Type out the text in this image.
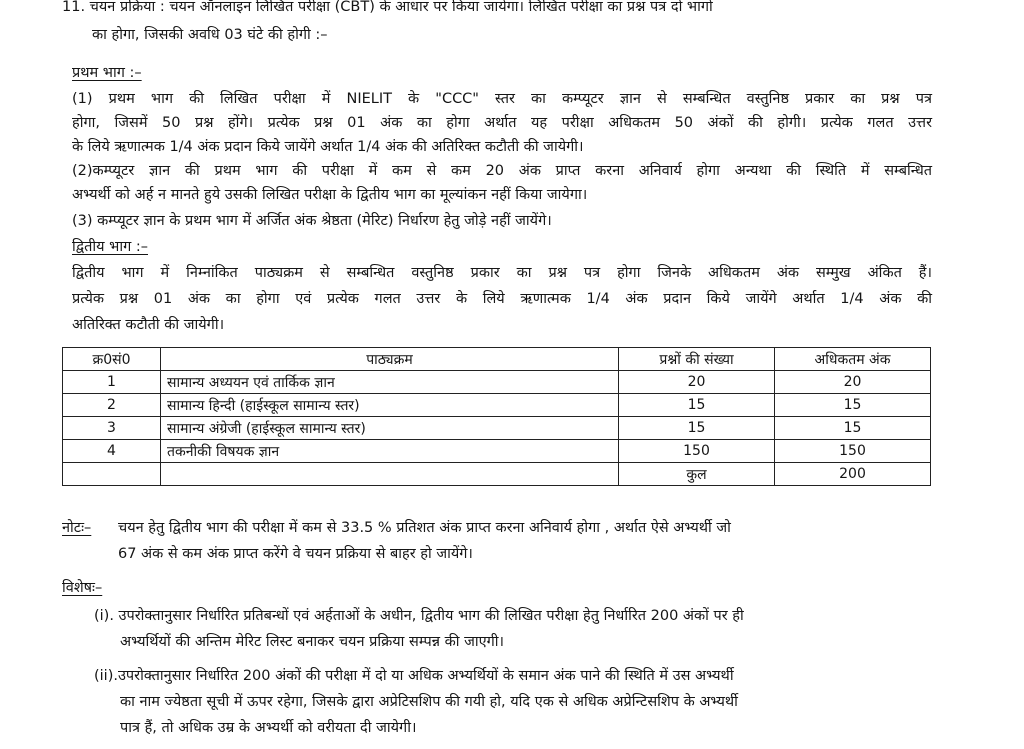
11. चयन प्रक्रिया : चयन ऑनलाइन लिखित परीक्षा (CBT) के आधार पर किया जायेगा। लिखित परीक्षा का प्रश्न पत्र दो भागों
का होगा, जिसकी अवधि 03 घंटे की होगी :–
प्रथम भाग :–
(1) प्रथम भाग की लिखित परीक्षा में NIELIT के "CCC" स्तर का कम्प्यूटर ज्ञान से सम्बन्धित वस्तुनिष्ठ प्रकार का प्रश्न पत्र
होगा, जिसमें 50 प्रश्न होंगे। प्रत्येक प्रश्न 01 अंक का होगा अर्थात यह परीक्षा अधिकतम 50 अंकों की होगी। प्रत्येक गलत उत्तर
के लिये ऋणात्मक 1/4 अंक प्रदान किये जायेंगे अर्थात 1/4 अंक की अतिरिक्त कटौती की जायेगी।
(2)कम्प्यूटर ज्ञान की प्रथम भाग की परीक्षा में कम से कम 20 अंक प्राप्त करना अनिवार्य होगा अन्यथा की स्थिति में सम्बन्धित
अभ्यर्थी को अर्ह न मानते हुये उसकी लिखित परीक्षा के द्वितीय भाग का मूल्यांकन नहीं किया जायेगा।
(3) कम्प्यूटर ज्ञान के प्रथम भाग में अर्जित अंक श्रेष्ठता (मेरिट) निर्धारण हेतु जोड़े नहीं जायेंगे।
द्वितीय भाग :–
द्वितीय भाग में निम्नांकित पाठ्यक्रम से सम्बन्धित वस्तुनिष्ठ प्रकार का प्रश्न पत्र होगा जिनके अधिकतम अंक सम्मुख अंकित हैं।
प्रत्येक प्रश्न 01 अंक का होगा एवं प्रत्येक गलत उत्तर के लिये ऋणात्मक 1/4 अंक प्रदान किये जायेंगे अर्थात 1/4 अंक की
अतिरिक्त कटौती की जायेगी।
क्र0सं0	पाठ्यक्रम	प्रश्नों की संख्या	अधिकतम अंक
1	सामान्य अध्ययन एवं तार्किक ज्ञान	20	20
2	सामान्य हिन्दी (हाईस्कूल सामान्य स्तर)	15	15
3	सामान्य अंग्रेजी (हाईस्कूल सामान्य स्तर)	15	15
4	तकनीकी विषयक ज्ञान	150	150
		कुल	200
नोटः– चयन हेतु द्वितीय भाग की परीक्षा में कम से 33.5 % प्रतिशत अंक प्राप्त करना अनिवार्य होगा , अर्थात ऐसे अभ्यर्थी जो
67 अंक से कम अंक प्राप्त करेंगे वे चयन प्रक्रिया से बाहर हो जायेंगे।
विशेषः–
(i). उपरोक्तानुसार निर्धारित प्रतिबन्धों एवं अर्हताओं के अधीन, द्वितीय भाग की लिखित परीक्षा हेतु निर्धारित 200 अंकों पर ही
अभ्यर्थियों की अन्तिम मेरिट लिस्ट बनाकर चयन प्रक्रिया सम्पन्न की जाएगी।
(ii).उपरोक्तानुसार निर्धारित 200 अंकों की परीक्षा में दो या अधिक अभ्यर्थियों के समान अंक पाने की स्थिति में उस अभ्यर्थी
का नाम ज्येष्ठता सूची में ऊपर रहेगा, जिसके द्वारा अप्रेटिसशिप की गयी हो, यदि एक से अधिक अप्रेन्टिसशिप के अभ्यर्थी
पात्र हैं, तो अधिक उम्र के अभ्यर्थी को वरीयता दी जायेगी।
